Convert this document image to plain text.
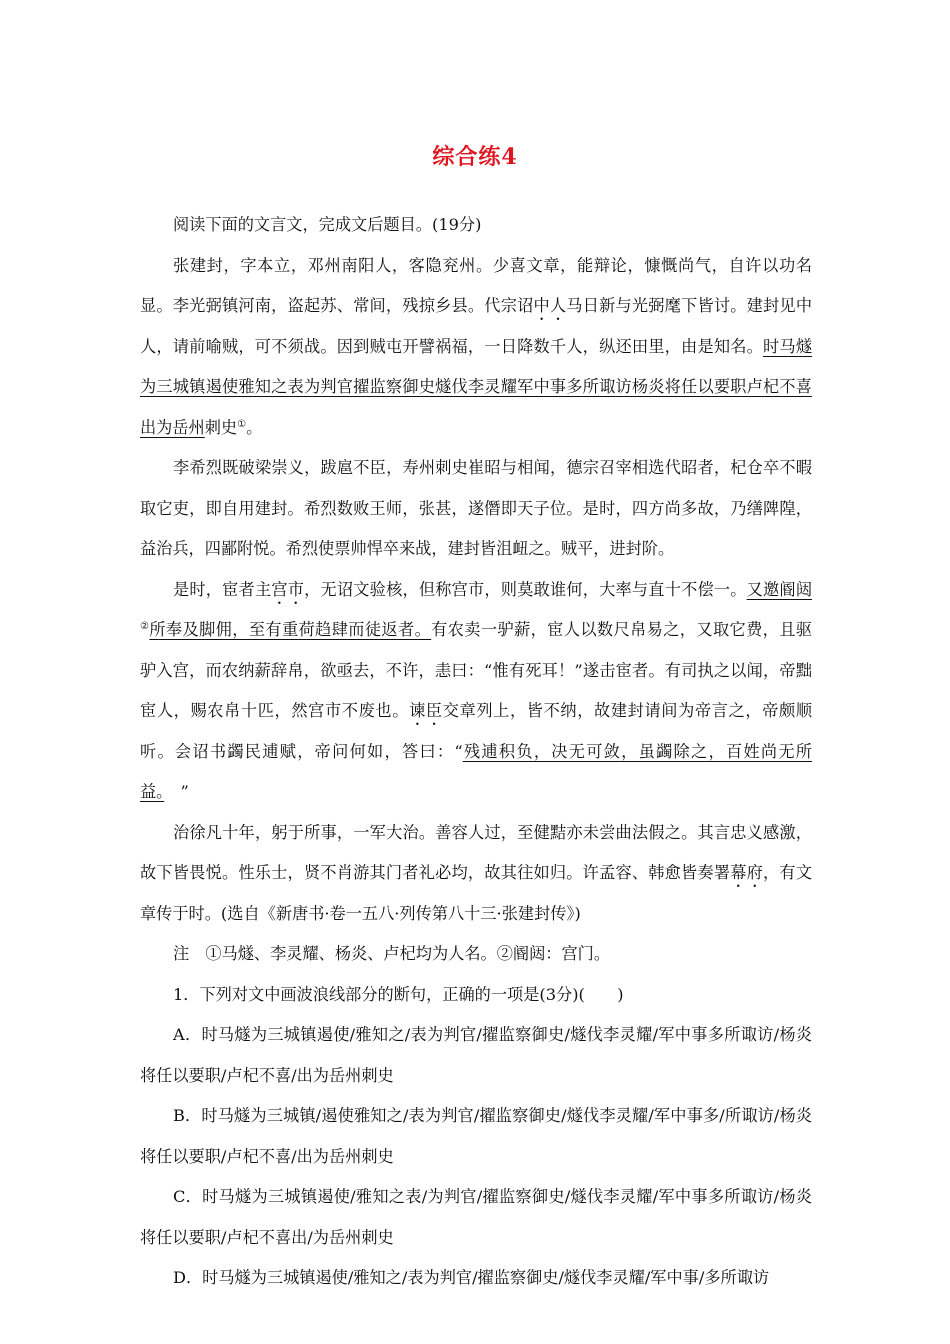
综合练4

阅读下面的文言文，完成文后题目。(19分)

张建封，字本立，邓州南阳人，客隐兖州。少喜文章，能辩论，慷慨尚气，自许以功名显。李光弼镇河南，盗起苏、常间，残掠乡县。代宗诏中人马日新与光弼麾下皆讨。建封见中人，请前喻贼，可不须战。因到贼屯开譬祸福，一日降数千人，纵还田里，由是知名。时马燧为三城镇遏使雅知之表为判官擢监察御史燧伐李灵耀军中事多所诹访杨炎将任以要职卢杞不喜出为岳州刺史①。

李希烈既破梁崇义，跋扈不臣，寿州刺史崔昭与相闻，德宗召宰相选代昭者，杞仓卒不暇取它吏，即自用建封。希烈数败王师，张甚，遂僭即天子位。是时，四方尚多故，乃缮陴隍，益治兵，四鄙附悦。希烈使票帅悍卒来战，建封皆沮衄之。贼平，进封阶。

是时，宦者主宫市，无诏文验核，但称宫市，则莫敢谁何，大率与直十不偿一。又邀阍闼②所奉及脚佣，至有重荷趋肆而徒返者。有农卖一驴薪，宦人以数尺帛易之，又取它费，且驱驴入宫，而农纳薪辞帛，欲亟去，不许，恚曰：“惟有死耳！”遂击宦者。有司执之以闻，帝黜宦人，赐农帛十匹，然宫市不废也。谏臣交章列上，皆不纳，故建封请间为帝言之，帝颇顺听。会诏书蠲民逋赋，帝问何如，答曰：“残逋积负，决无可敛，虽蠲除之，百姓尚无所益。　”

治徐凡十年，躬于所事，一军大治。善容人过，至健黠亦未尝曲法假之。其言忠义感激，故下皆畏悦。性乐士，贤不肖游其门者礼必均，故其往如归。许孟容、韩愈皆奏署幕府，有文章传于时。(选自《新唐书·卷一五八·列传第八十三·张建封传》)

注　①马燧、李灵耀、杨炎、卢杞均为人名。②阍闼：宫门。

1．下列对文中画波浪线部分的断句，正确的一项是(3分)(　　)

A．时马燧为三城镇遏使/雅知之/表为判官/擢监察御史/燧伐李灵耀/军中事多所诹访/杨炎将任以要职/卢杞不喜/出为岳州刺史

B．时马燧为三城镇/遏使雅知之/表为判官/擢监察御史/燧伐李灵耀/军中事多/所诹访/杨炎将任以要职/卢杞不喜/出为岳州刺史

C．时马燧为三城镇遏使/雅知之表/为判官/擢监察御史/燧伐李灵耀/军中事多所诹访/杨炎将任以要职/卢杞不喜出/为岳州刺史

D．时马燧为三城镇遏使/雅知之/表为判官/擢监察御史/燧伐李灵耀/军中事/多所诹访
